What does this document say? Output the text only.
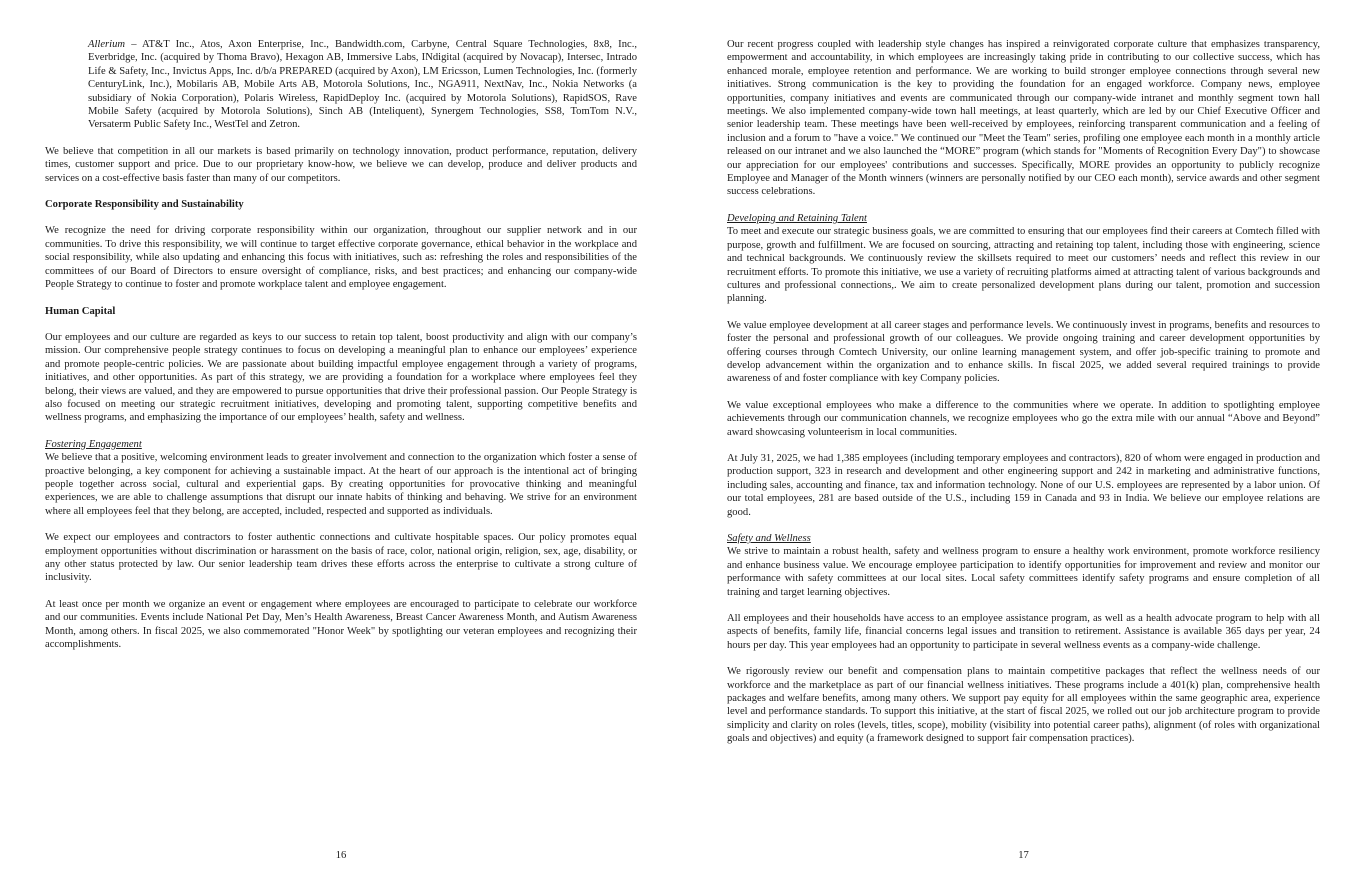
Allerium – AT&T Inc., Atos, Axon Enterprise, Inc., Bandwidth.com, Carbyne, Central Square Technologies, 8x8, Inc., Everbridge, Inc. (acquired by Thoma Bravo), Hexagon AB, Immersive Labs, INdigital (acquired by Novacap), Intersec, Intrado Life & Safety, Inc., Invictus Apps, Inc. d/b/a PREPARED (acquired by Axon), LM Ericsson, Lumen Technologies, Inc. (formerly CenturyLink, Inc.), Mobilaris AB, Mobile Arts AB, Motorola Solutions, Inc., NGA911, NextNav, Inc., Nokia Networks (a subsidiary of Nokia Corporation), Polaris Wireless, RapidDeploy Inc. (acquired by Motorola Solutions), RapidSOS, Rave Mobile Safety (acquired by Motorola Solutions), Sinch AB (Inteliquent), Synergem Technologies, SS8, TomTom N.V., Versaterm Public Safety Inc., WestTel and Zetron.

We believe that competition in all our markets is based primarily on technology innovation, product performance, reputation, delivery times, customer support and price. Due to our proprietary know-how, we believe we can develop, produce and deliver products and services on a cost-effective basis faster than many of our competitors.

Corporate Responsibility and Sustainability

We recognize the need for driving corporate responsibility within our organization, throughout our supplier network and in our communities. To drive this responsibility, we will continue to target effective corporate governance, ethical behavior in the workplace and social responsibility, while also updating and enhancing this focus with initiatives, such as: refreshing the roles and responsibilities of the committees of our Board of Directors to ensure oversight of compliance, risks, and best practices; and enhancing our company-wide People Strategy to continue to foster and promote workplace talent and employee engagement.

Human Capital

Our employees and our culture are regarded as keys to our success to retain top talent, boost productivity and align with our company’s mission. Our comprehensive people strategy continues to focus on developing a meaningful plan to enhance our employees’ experience and promote people-centric policies. We are passionate about building impactful employee engagement through a variety of programs, initiatives, and other opportunities. As part of this strategy, we are providing a foundation for a workplace where employees feel they belong, their views are valued, and they are empowered to pursue opportunities that drive their professional passion. Our People Strategy is also focused on meeting our strategic recruitment initiatives, developing and promoting talent, supporting competitive benefits and wellness programs, and emphasizing the importance of our employees’ health, safety and wellness.

Fostering Engagement

We believe that a positive, welcoming environment leads to greater involvement and connection to the organization which foster a sense of proactive belonging, a key component for achieving a sustainable impact. At the heart of our approach is the intentional act of bringing people together across social, cultural and experiential gaps. By creating opportunities for provocative thinking and meaningful experiences, we are able to challenge assumptions that disrupt our innate habits of thinking and behaving. We strive for an environment where all employees feel that they belong, are accepted, included, respected and supported as individuals.

We expect our employees and contractors to foster authentic connections and cultivate hospitable spaces. Our policy promotes equal employment opportunities without discrimination or harassment on the basis of race, color, national origin, religion, sex, age, disability, or any other status protected by law. Our senior leadership team drives these efforts across the enterprise to cultivate a strong culture of inclusivity.

At least once per month we organize an event or engagement where employees are encouraged to participate to celebrate our workforce and our communities. Events include National Pet Day, Men’s Health Awareness, Breast Cancer Awareness Month, and Autism Awareness Month, among others. In fiscal 2025, we also commemorated "Honor Week" by spotlighting our veteran employees and recognizing their accomplishments.

Our recent progress coupled with leadership style changes has inspired a reinvigorated corporate culture that emphasizes transparency, empowerment and accountability, in which employees are increasingly taking pride in contributing to our collective success, which has enhanced morale, employee retention and performance. We are working to build stronger employee connections through several new initiatives. Strong communication is the key to providing the foundation for an engaged workforce. Company news, employee opportunities, company initiatives and events are communicated through our company-wide intranet and monthly segment town hall meetings. We also implemented company-wide town hall meetings, at least quarterly, which are led by our Chief Executive Officer and senior leadership team. These meetings have been well-received by employees, reinforcing transparent communication and a feeling of inclusion and a forum to "have a voice." We continued our "Meet the Team" series, profiling one employee each month in a monthly article released on our intranet and we also launched the “MORE” program (which stands for "Moments of Recognition Every Day") to showcase our appreciation for our employees' contributions and successes. Specifically, MORE provides an opportunity to publicly recognize Employee and Manager of the Month winners (winners are personally notified by our CEO each month), service awards and other segment success celebrations.

Developing and Retaining Talent

To meet and execute our strategic business goals, we are committed to ensuring that our employees find their careers at Comtech filled with purpose, growth and fulfillment. We are focused on sourcing, attracting and retaining top talent, including those with engineering, science and technical backgrounds. We continuously review the skillsets required to meet our customers’ needs and reflect this review in our recruitment efforts. To promote this initiative, we use a variety of recruiting platforms aimed at attracting talent of various backgrounds and cultures and professional connections,. We aim to create personalized development plans during our talent, promotion and succession planning.

We value employee development at all career stages and performance levels. We continuously invest in programs, benefits and resources to foster the personal and professional growth of our colleagues. We provide ongoing training and career development opportunities by offering courses through Comtech University, our online learning management system, and offer job-specific training to promote and develop advancement within the organization and to enhance skills. In fiscal 2025, we added several required trainings to provide awareness of and foster compliance with key Company policies.

We value exceptional employees who make a difference to the communities where we operate. In addition to spotlighting employee achievements through our communication channels, we recognize employees who go the extra mile with our annual “Above and Beyond” award showcasing volunteerism in local communities.

At July 31, 2025, we had 1,385 employees (including temporary employees and contractors), 820 of whom were engaged in production and production support, 323 in research and development and other engineering support and 242 in marketing and administrative functions, including sales, accounting and finance, tax and information technology. None of our U.S. employees are represented by a labor union. Of our total employees, 281 are based outside of the U.S., including 159 in Canada and 93 in India. We believe our employee relations are good.

Safety and Wellness

We strive to maintain a robust health, safety and wellness program to ensure a healthy work environment, promote workforce resiliency and enhance business value. We encourage employee participation to identify opportunities for improvement and review and monitor our performance with safety committees at our local sites. Local safety committees identify safety programs and ensure completion of all training and target learning objectives.

All employees and their households have access to an employee assistance program, as well as a health advocate program to help with all aspects of benefits, family life, financial concerns legal issues and transition to retirement. Assistance is available 365 days per year, 24 hours per day. This year employees had an opportunity to participate in several wellness events as a company-wide challenge.

We rigorously review our benefit and compensation plans to maintain competitive packages that reflect the wellness needs of our workforce and the marketplace as part of our financial wellness initiatives. These programs include a 401(k) plan, comprehensive health packages and welfare benefits, among many others. We support pay equity for all employees within the same geographic area, experience level and performance standards. To support this initiative, at the start of fiscal 2025, we rolled out our job architecture program to provide simplicity and clarity on roles (levels, titles, scope), mobility (visibility into potential career paths), alignment (of roles with organizational goals and objectives) and equity (a framework designed to support fair compensation practices).

16	17
